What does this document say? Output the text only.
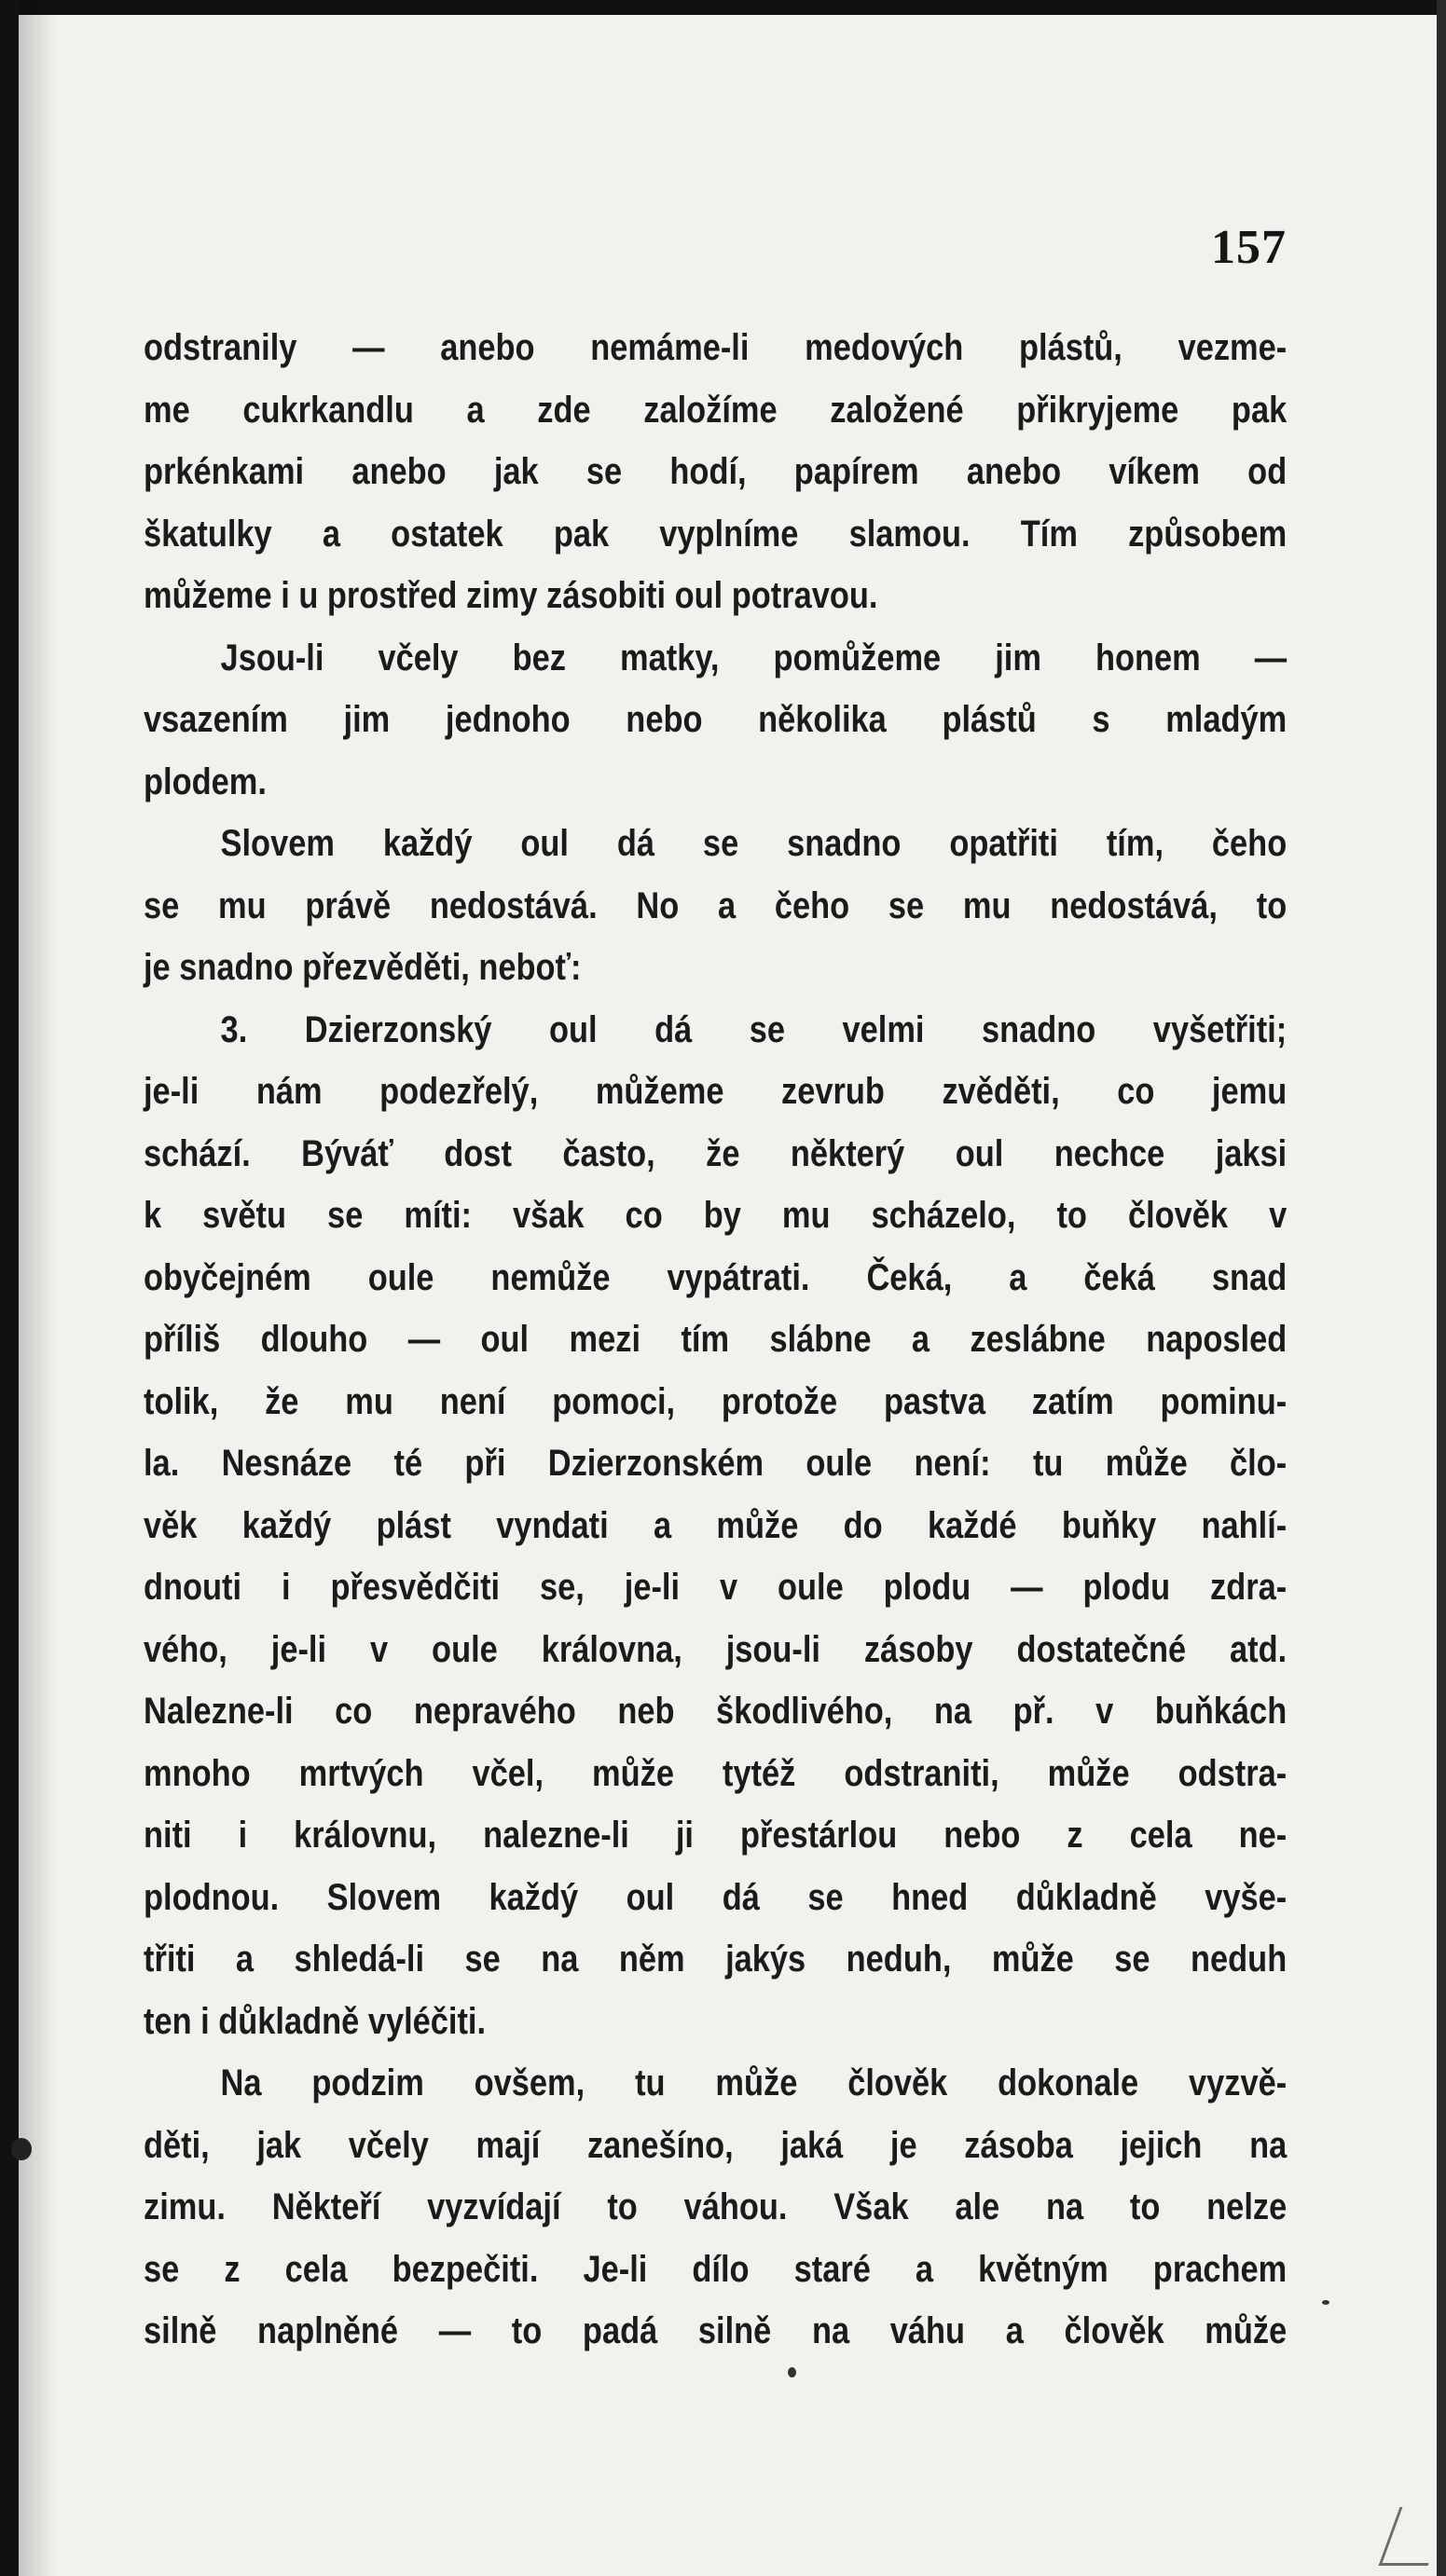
157
odstranily — anebo nemáme-li medových plástů, vezme-
me cukrkandlu a zde založíme založené přikryjeme pak
prkénkami anebo jak se hodí, papírem anebo víkem od
škatulky a ostatek pak vyplníme slamou. Tím způsobem
můžeme i u prostřed zimy zásobiti oul potravou.
Jsou-li včely bez matky, pomůžeme jim honem —
vsazením jim jednoho nebo několika plástů s mladým
plodem.
Slovem každý oul dá se snadno opatřiti tím, čeho
se mu právě nedostává. No a čeho se mu nedostává, to
je snadno přezvěděti, neboť:
3. Dzierzonský oul dá se velmi snadno vyšetřiti;
je-li nám podezřelý, můžeme zevrub zvěděti, co jemu
schází. Býváť dost často, že některý oul nechce jaksi
k světu se míti: však co by mu scházelo, to člověk v
obyčejném oule nemůže vypátrati. Čeká, a čeká snad
příliš dlouho — oul mezi tím slábne a zeslábne naposled
tolik, že mu není pomoci, protože pastva zatím pominu-
la. Nesnáze té při Dzierzonském oule není: tu může člo-
věk každý plást vyndati a může do každé buňky nahlí-
dnouti i přesvědčiti se, je-li v oule plodu — plodu zdra-
vého, je-li v oule královna, jsou-li zásoby dostatečné atd.
Nalezne-li co nepravého neb škodlivého, na př. v buňkách
mnoho mrtvých včel, může tytéž odstraniti, může odstra-
niti i královnu, nalezne-li ji přestárlou nebo z cela ne-
plodnou. Slovem každý oul dá se hned důkladně vyše-
třiti a shledá-li se na něm jakýs neduh, může se neduh
ten i důkladně vyléčiti.
Na podzim ovšem, tu může člověk dokonale vyzvě-
děti, jak včely mají zanešíno, jaká je zásoba jejich na
zimu. Někteří vyzvídají to váhou. Však ale na to nelze
se z cela bezpečiti. Je-li dílo staré a květným prachem
silně naplněné — to padá silně na váhu a člověk může
